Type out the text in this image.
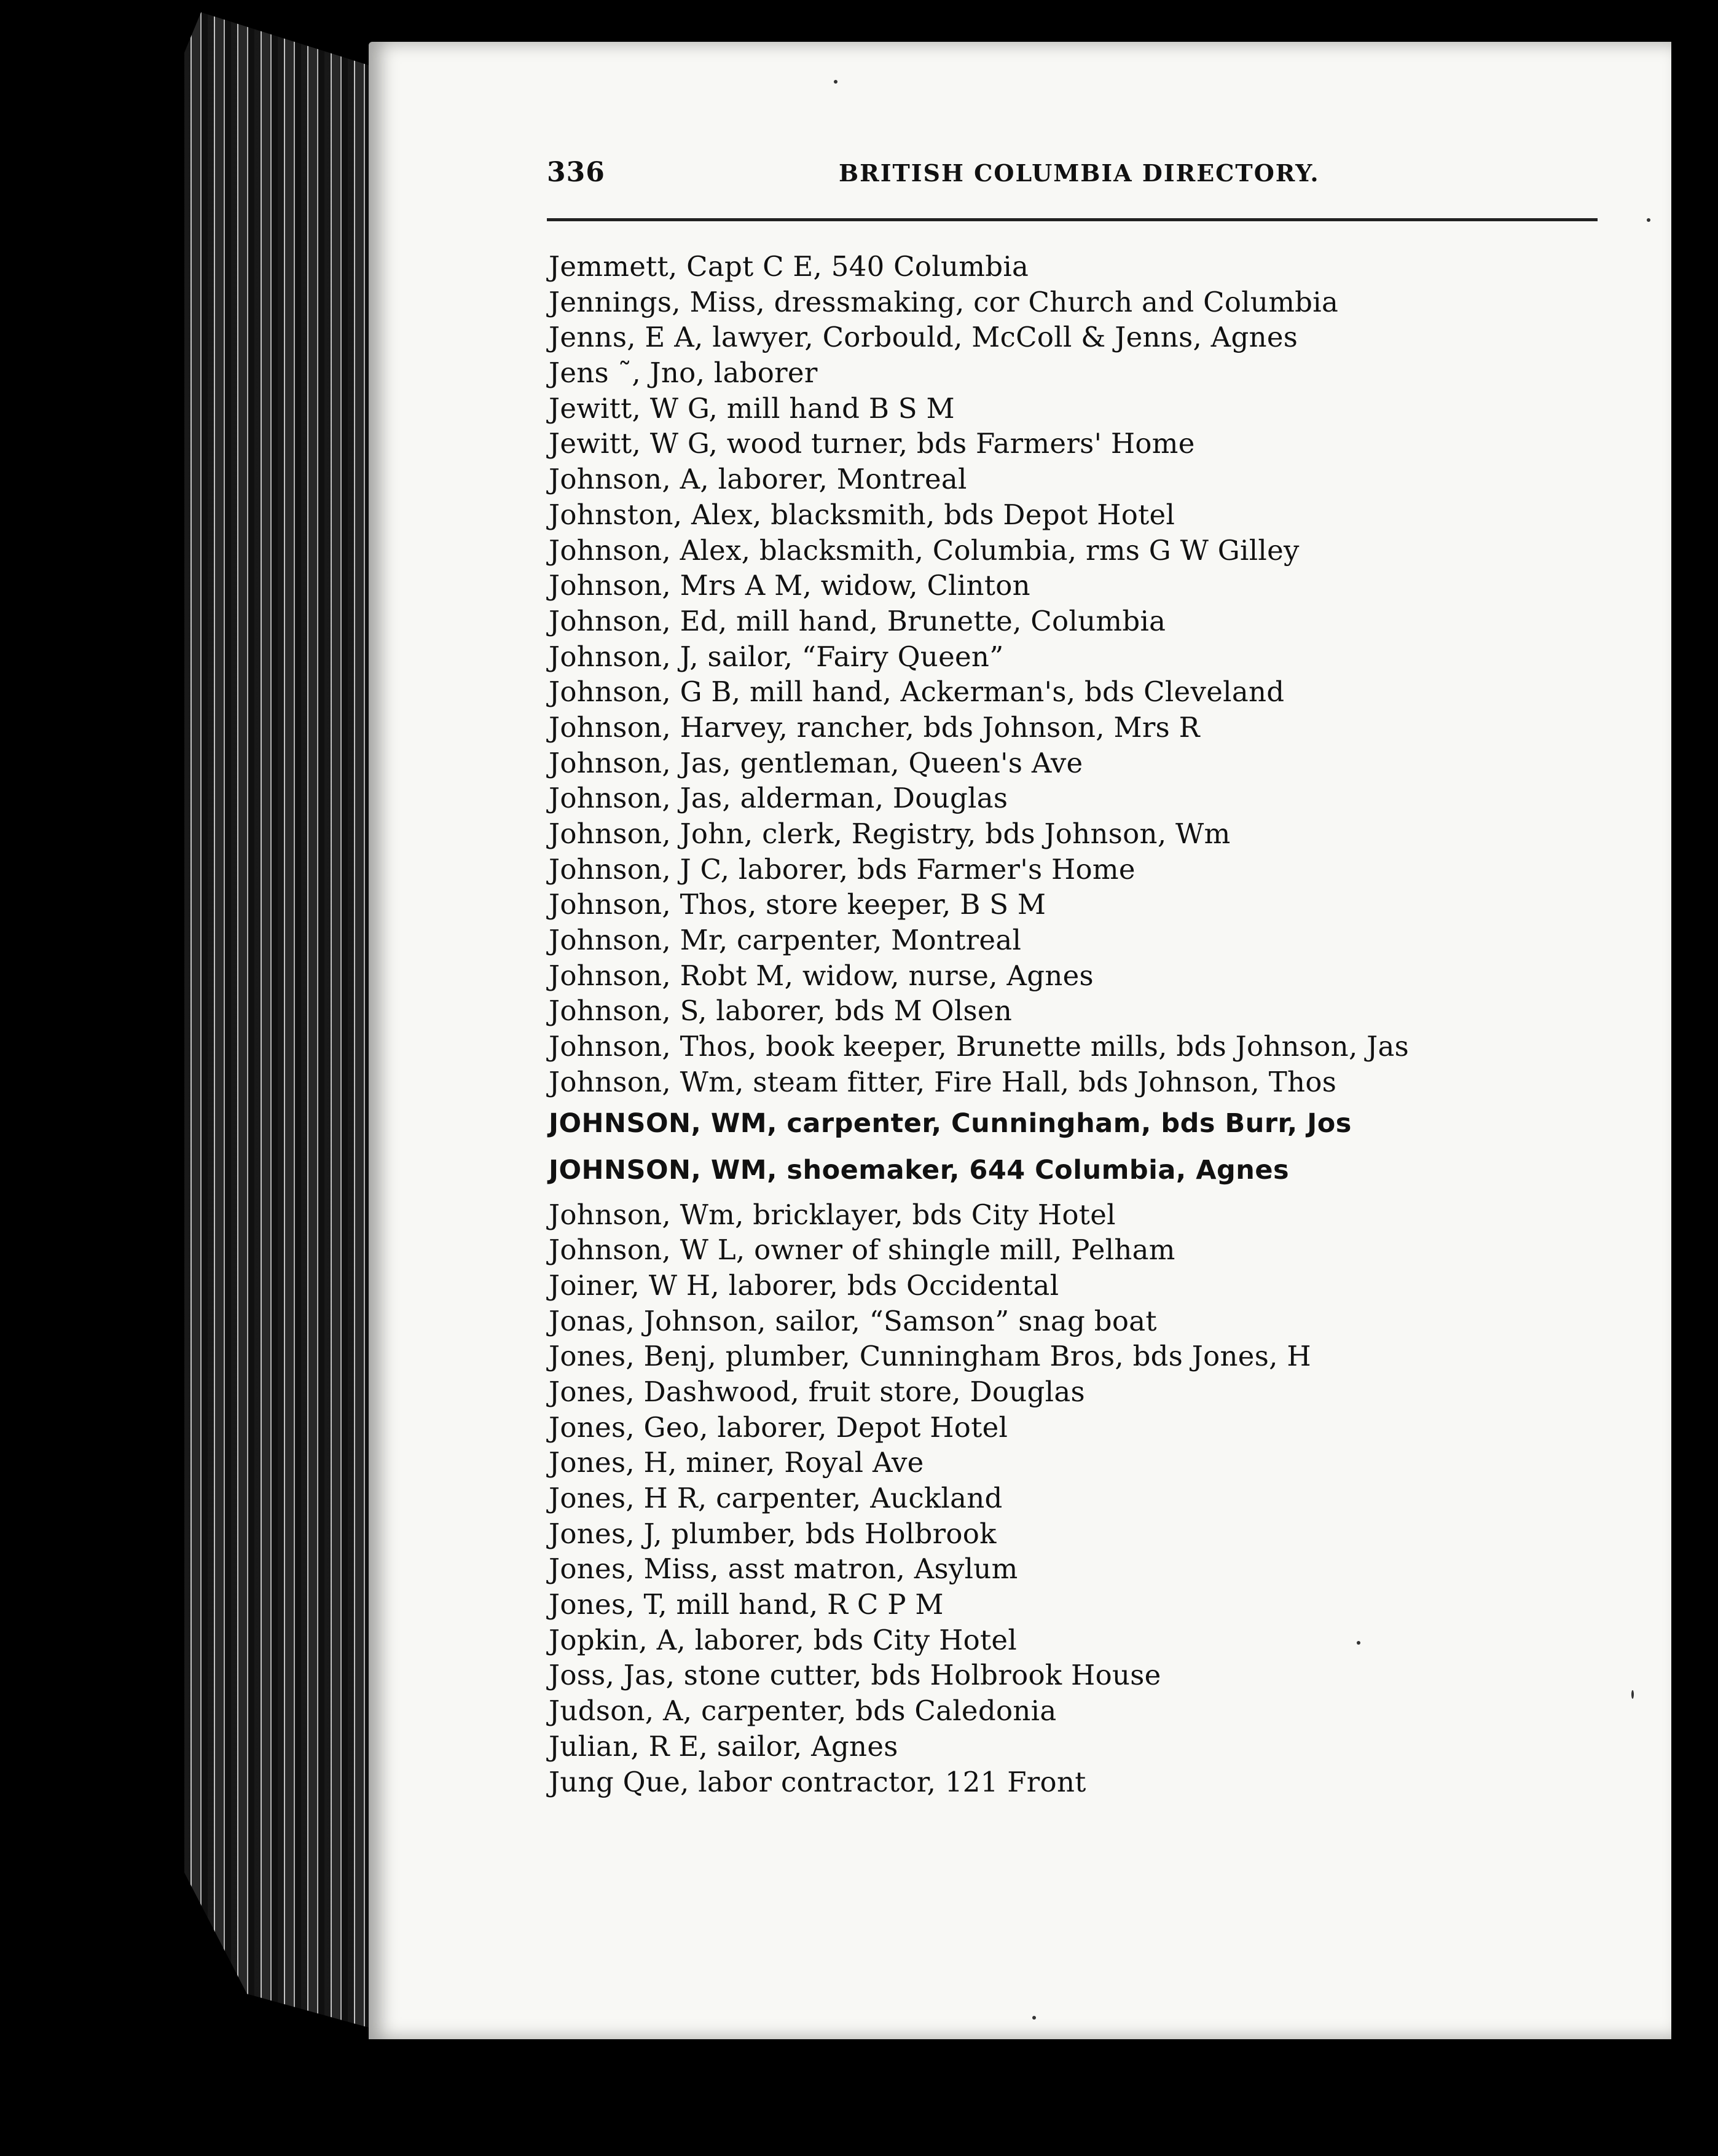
336	BRITISH COLUMBIA DIRECTORY.
Jemmett, Capt C E, 540 Columbia
Jennings, Miss, dressmaking, cor Church and Columbia
Jenns, E A, lawyer, Corbould, McColl & Jenns, Agnes
Jens ˜, Jno, laborer
Jewitt, W G, mill hand B S M
Jewitt, W G, wood turner, bds Farmers' Home
Johnson, A, laborer, Montreal
Johnston, Alex, blacksmith, bds Depot Hotel
Johnson, Alex, blacksmith, Columbia, rms G W Gilley
Johnson, Mrs A M, widow, Clinton
Johnson, Ed, mill hand, Brunette, Columbia
Johnson, J, sailor, “Fairy Queen”
Johnson, G B, mill hand, Ackerman's, bds Cleveland
Johnson, Harvey, rancher, bds Johnson, Mrs R
Johnson, Jas, gentleman, Queen's Ave
Johnson, Jas, alderman, Douglas
Johnson, John, clerk, Registry, bds Johnson, Wm
Johnson, J C, laborer, bds Farmer's Home
Johnson, Thos, store keeper, B S M
Johnson, Mr, carpenter, Montreal
Johnson, Robt M, widow, nurse, Agnes
Johnson, S, laborer, bds M Olsen
Johnson, Thos, book keeper, Brunette mills, bds Johnson, Jas
Johnson, Wm, steam fitter, Fire Hall, bds Johnson, Thos
JOHNSON, WM, carpenter, Cunningham, bds Burr, Jos
JOHNSON, WM, shoemaker, 644 Columbia, Agnes
Johnson, Wm, bricklayer, bds City Hotel
Johnson, W L, owner of shingle mill, Pelham
Joiner, W H, laborer, bds Occidental
Jonas, Johnson, sailor, “Samson” snag boat
Jones, Benj, plumber, Cunningham Bros, bds Jones, H
Jones, Dashwood, fruit store, Douglas
Jones, Geo, laborer, Depot Hotel
Jones, H, miner, Royal Ave
Jones, H R, carpenter, Auckland
Jones, J, plumber, bds Holbrook
Jones, Miss, asst matron, Asylum
Jones, T, mill hand, R C P M
Jopkin, A, laborer, bds City Hotel
Joss, Jas, stone cutter, bds Holbrook House
Judson, A, carpenter, bds Caledonia
Julian, R E, sailor, Agnes
Jung Que, labor contractor, 121 Front
